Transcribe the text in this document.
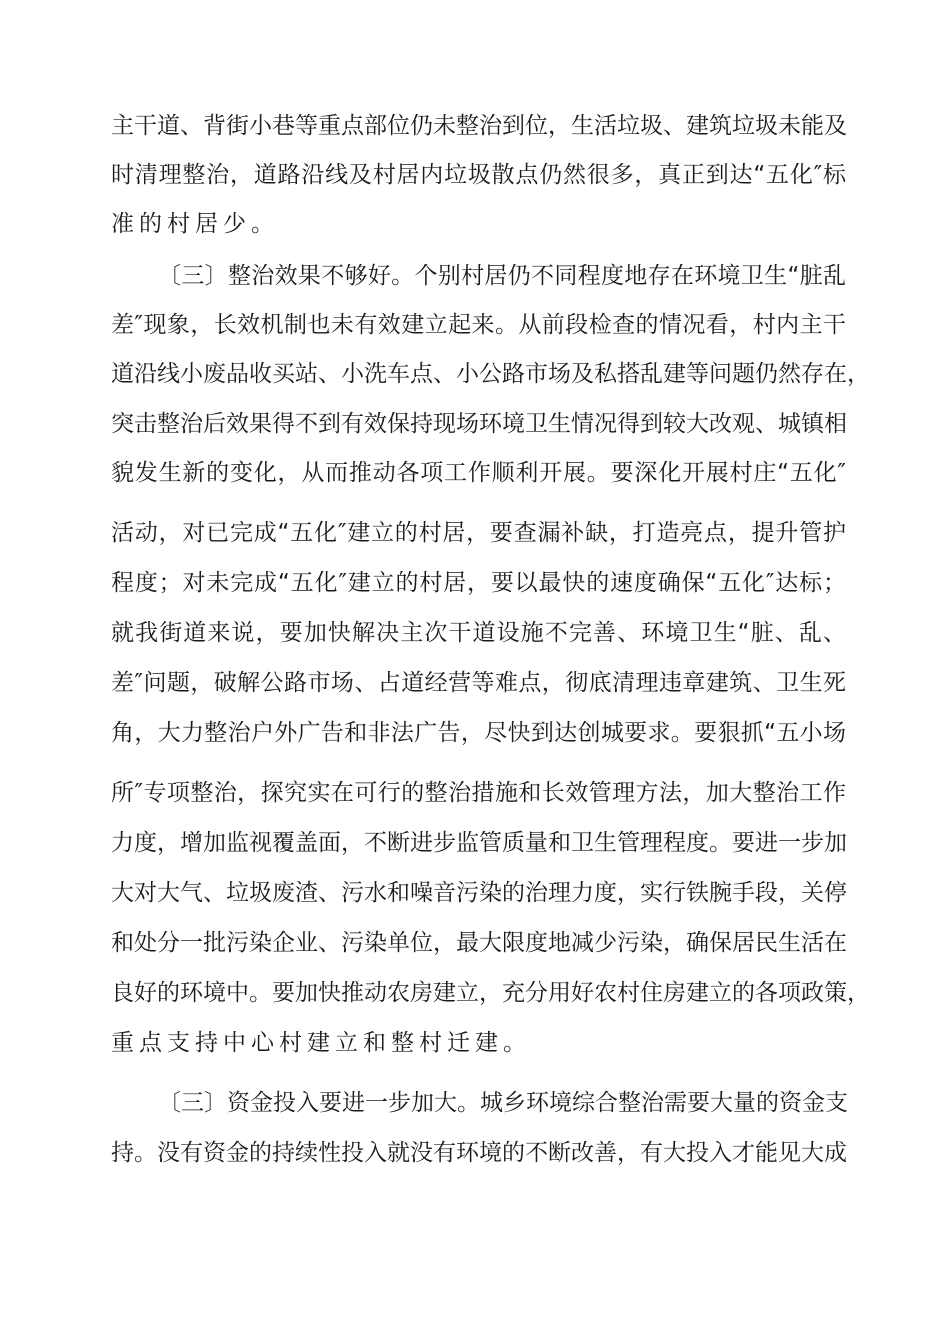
主干道、背街小巷等重点部位仍未整治到位，生活垃圾、建筑垃圾未能及
时清理整治，道路沿线及村居内垃圾散点仍然很多，真正到达“五化″标
准的村居少。
〔三〕整治效果不够好。个别村居仍不同程度地存在环境卫生“脏乱
差″现象，长效机制也未有效建立起来。从前段检查的情况看，村内主干
道沿线小废品收买站、小洗车点、小公路市场及私搭乱建等问题仍然存在，
突击整治后效果得不到有效保持现场环境卫生情况得到较大改观、城镇相
貌发生新的变化，从而推动各项工作顺利开展。要深化开展村庄“五化″
活动，对已完成“五化″建立的村居，要查漏补缺，打造亮点，提升管护
程度；对未完成“五化″建立的村居，要以最快的速度确保“五化″达标；
就我街道来说，要加快解决主次干道设施不完善、环境卫生“脏、乱、
差″问题，破解公路市场、占道经营等难点，彻底清理违章建筑、卫生死
角，大力整治户外广告和非法广告，尽快到达创城要求。要狠抓“五小场
所″专项整治，探究实在可行的整治措施和长效管理方法，加大整治工作
力度，增加监视覆盖面，不断进步监管质量和卫生管理程度。要进一步加
大对大气、垃圾废渣、污水和噪音污染的治理力度，实行铁腕手段，关停
和处分一批污染企业、污染单位，最大限度地减少污染，确保居民生活在
良好的环境中。要加快推动农房建立，充分用好农村住房建立的各项政策，
重点支持中心村建立和整村迁建。
〔三〕资金投入要进一步加大。城乡环境综合整治需要大量的资金支
持。没有资金的持续性投入就没有环境的不断改善，有大投入才能见大成
